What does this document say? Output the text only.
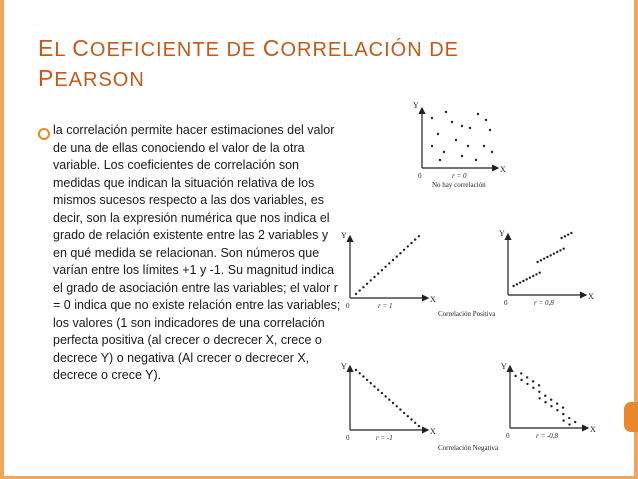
EL COEFICIENTE DE CORRELACIÓN DE
PEARSON
la correlación permite hacer estimaciones del valor de una de ellas conociendo el valor de la otra variable. Los coeficientes de correlación son medidas que indican la situación relativa de los mismos sucesos respecto a las dos variables, es decir, son la expresión numérica que nos indica el grado de relación existente entre las 2 variables y en qué medida se relacionan. Son números que varían entre los límites +1 y -1. Su magnitud indica el grado de asociación entre las variables; el valor r = 0 indica que no existe relación entre las variables; los valores (1 son indicadores de una correlación perfecta positiva (al crecer o decrecer X, crece o decrece Y) o negativa (Al crecer o decrecer X, decrece o crece Y).
Y
X
0	r = 0
No hay correlación
Y
X
0	r = 1
Y
X
0	r = 0,8
Correlación Positiva
Y
X
0	r = -1
Y
X
0	r = -0,8
Correlación Negativa
